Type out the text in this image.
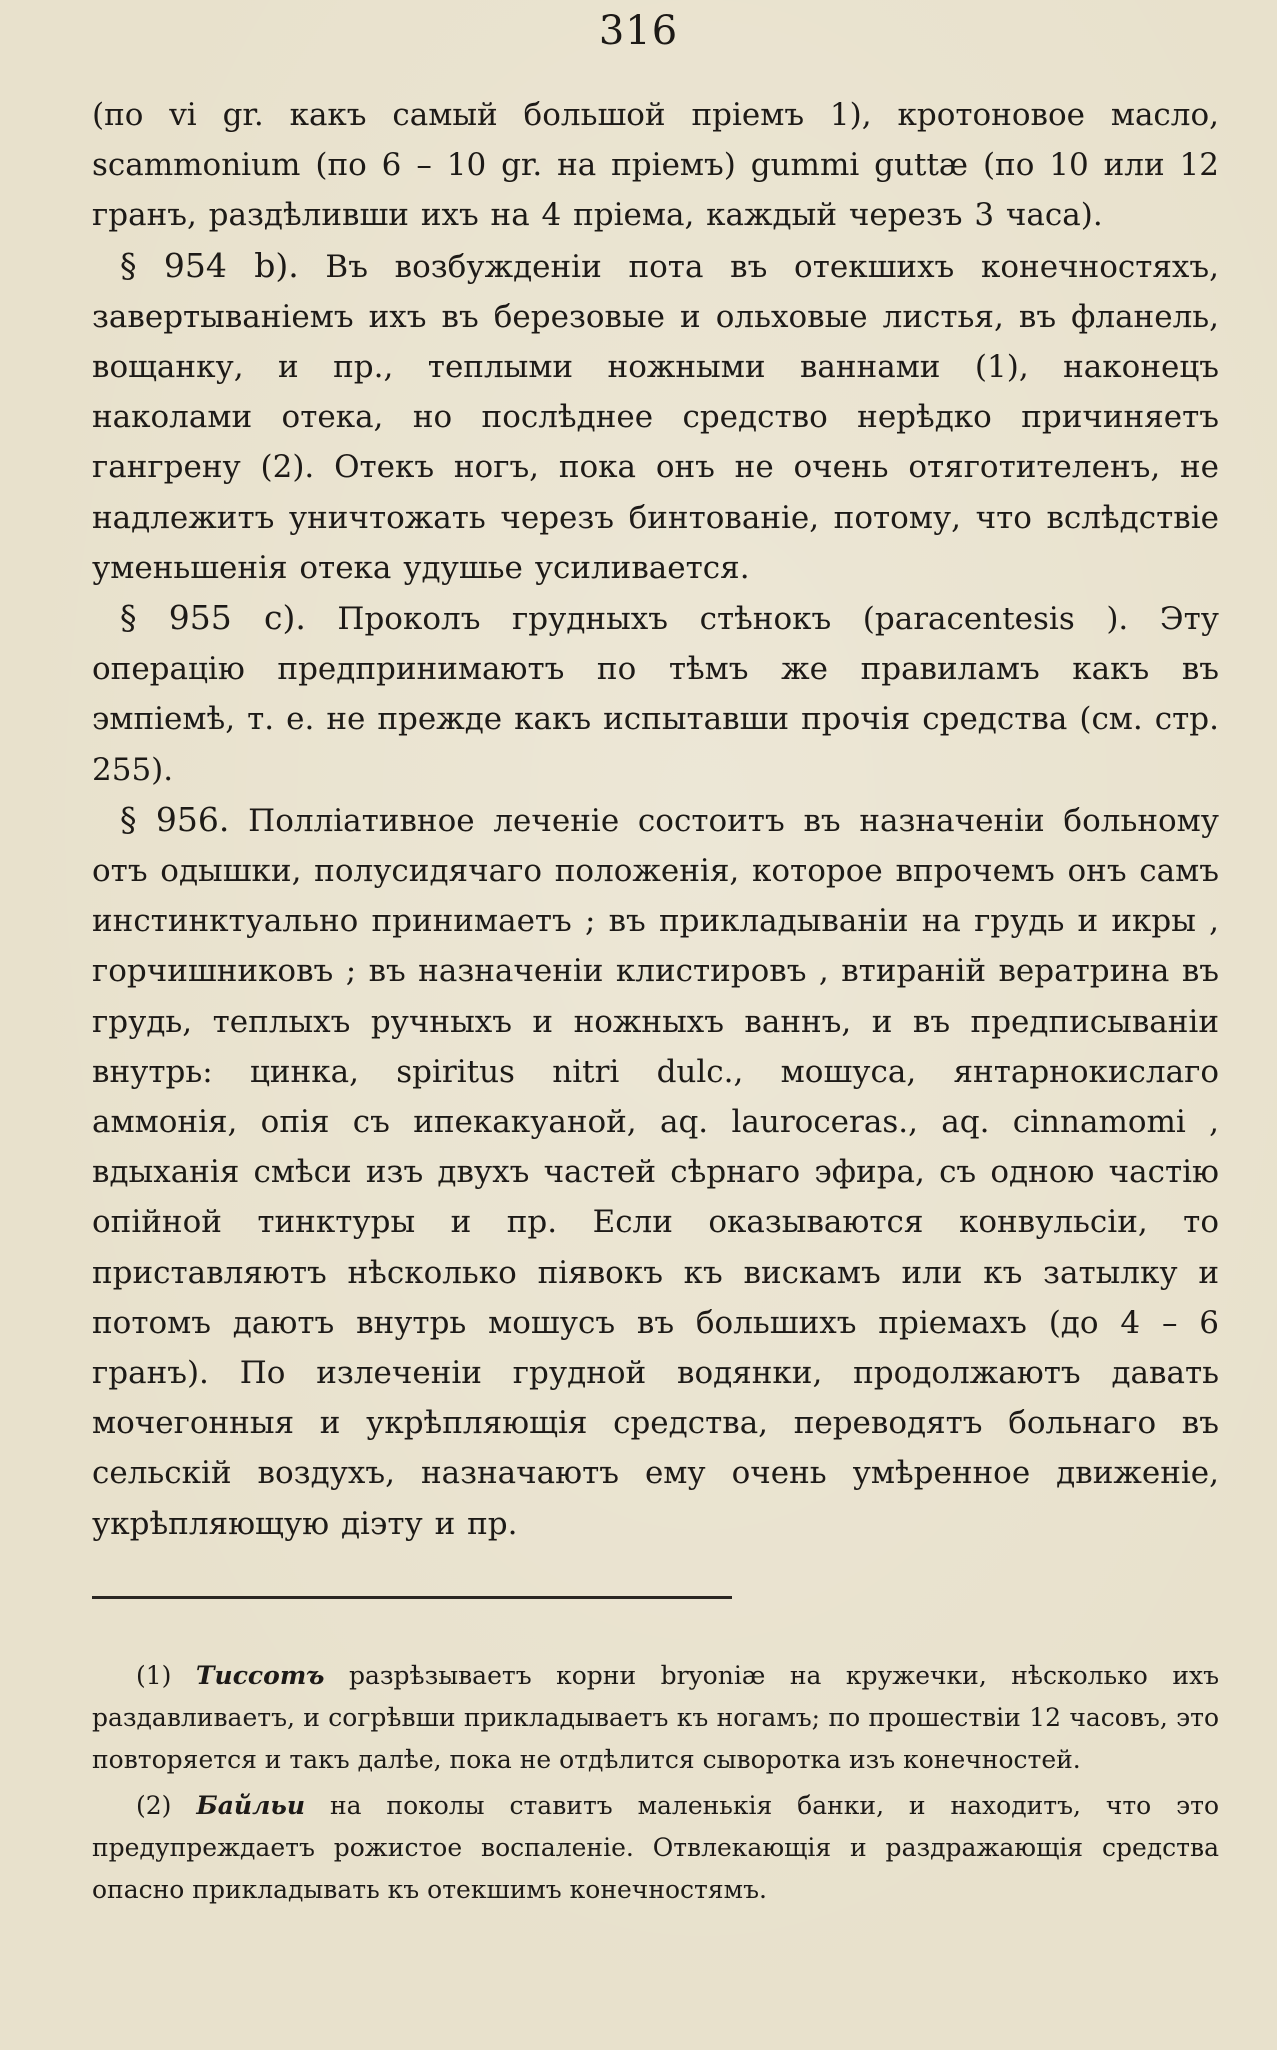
316

(по vi gr. какъ самый большой пріемъ 1), кротоновое масло, scammonium (по 6 – 10 gr. на пріемъ) gummi guttæ (по 10 или 12 гранъ, раздѣливши ихъ на 4 пріема, каждый черезъ 3 часа).

§ 954 b). Въ возбужденіи пота въ отекшихъ конечностяхъ, завертываніемъ ихъ въ березовые и ольховые листья, въ фланель, вощанку, и пр., теплыми ножными ваннами (1), наконецъ наколами отека, но послѣднее средство нерѣдко причиняетъ гангрену (2). Отекъ ногъ, пока онъ не очень отяготителенъ, не надлежитъ уничтожать черезъ бинтованіе, потому, что вслѣдствіе уменьшенія отека удушье усиливается.

§ 955 c). Проколъ грудныхъ стѣнокъ (paracentesis ). Эту операцію предпринимаютъ по тѣмъ же правиламъ какъ въ эмпіемѣ, т. е. не прежде какъ испытавши прочія средства (см. стр. 255).

§ 956. Полліативное леченіе состоитъ въ назначеніи больному отъ одышки, полусидячаго положенія, которое впрочемъ онъ самъ инстинктуально принимаетъ ; въ прикладываніи на грудь и икры , горчишниковъ ; въ назначеніи клистировъ , втираній вератрина въ грудь, теплыхъ ручныхъ и ножныхъ ваннъ, и въ предписываніи внутрь: цинка, spiritus nitri dulc., мошуса, янтарнокислаго аммонія, опія съ ипекакуаной, aq. lauroceras., aq. cinnamomi , вдыханія смѣси изъ двухъ частей сѣрнаго эфира, съ одною частію опійной тинктуры и пр. Если оказываются конвульсіи, то приставляютъ нѣсколько піявокъ къ вискамъ или къ затылку и потомъ даютъ внутрь мошусъ въ большихъ пріемахъ (до 4 – 6 гранъ). По излеченіи грудной водянки, продолжаютъ давать мочегонныя и укрѣпляющія средства, переводятъ больнаго въ сельскій воздухъ, назначаютъ ему очень умѣренное движеніе, укрѣпляющую діэту и пр.

(1) Тиссотъ разрѣзываетъ корни bryoniæ на кружечки, нѣсколько ихъ раздавливаетъ, и согрѣвши прикладываетъ къ ногамъ; по прошествіи 12 часовъ, это повторяется и такъ далѣе, пока не отдѣлится сыворотка изъ конечностей.

(2) Байльи на поколы ставитъ маленькія банки, и находитъ, что это предупреждаетъ рожистое воспаленіе. Отвлекающія и раздражающія средства опасно прикладывать къ отекшимъ конечностямъ.
